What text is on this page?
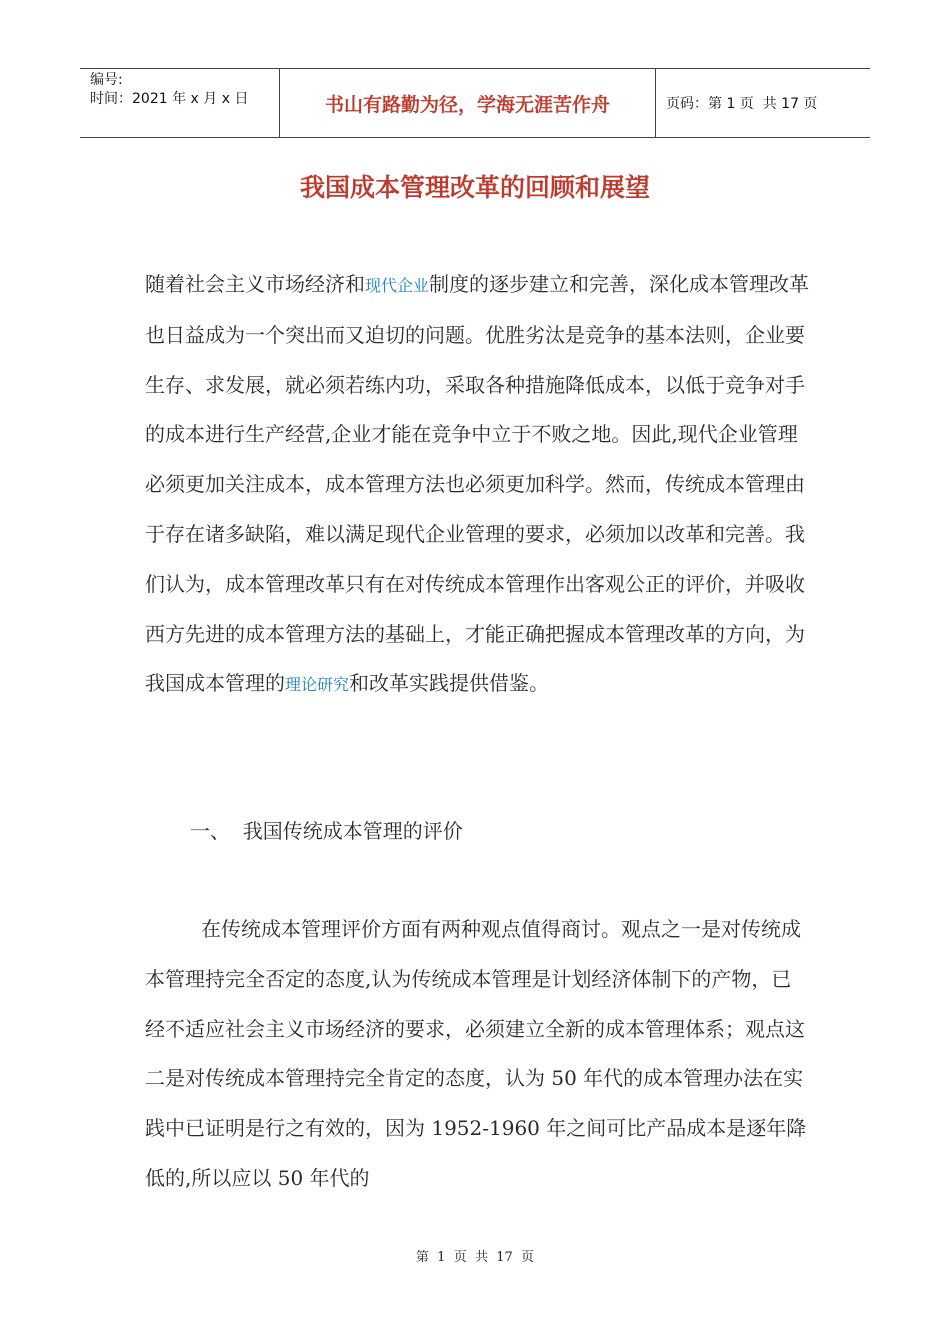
编号:
时间：2021 年 x 月 x 日	书山有路勤为径，学海无涯苦作舟	页码：第 1 页  共 17 页
我国成本管理改革的回顾和展望

随着社会主义市场经济和现代企业制度的逐步建立和完善，深化成本管理改革也日益成为一个突出而又迫切的问题。优胜劣汰是竞争的基本法则，企业要生存、求发展，就必须若练内功，采取各种措施降低成本，以低于竞争对手的成本进行生产经营,企业才能在竞争中立于不败之地。因此,现代企业管理必须更加关注成本，成本管理方法也必须更加科学。然而，传统成本管理由于存在诸多缺陷，难以满足现代企业管理的要求，必须加以改革和完善。我们认为，成本管理改革只有在对传统成本管理作出客观公正的评价，并吸收西方先进的成本管理方法的基础上，才能正确把握成本管理改革的方向，为我国成本管理的理论研究和改革实践提供借鉴。

一、  我国传统成本管理的评价

在传统成本管理评价方面有两种观点值得商讨。观点之一是对传统成本管理持完全否定的态度,认为传统成本管理是计划经济体制下的产物，已经不适应社会主义市场经济的要求，必须建立全新的成本管理体系；观点这二是对传统成本管理持完全肯定的态度，认为 50 年代的成本管理办法在实践中已证明是行之有效的，因为 1952-1960 年之间可比产品成本是逐年降低的,所以应以 50 年代的

第  1  页  共  17  页
